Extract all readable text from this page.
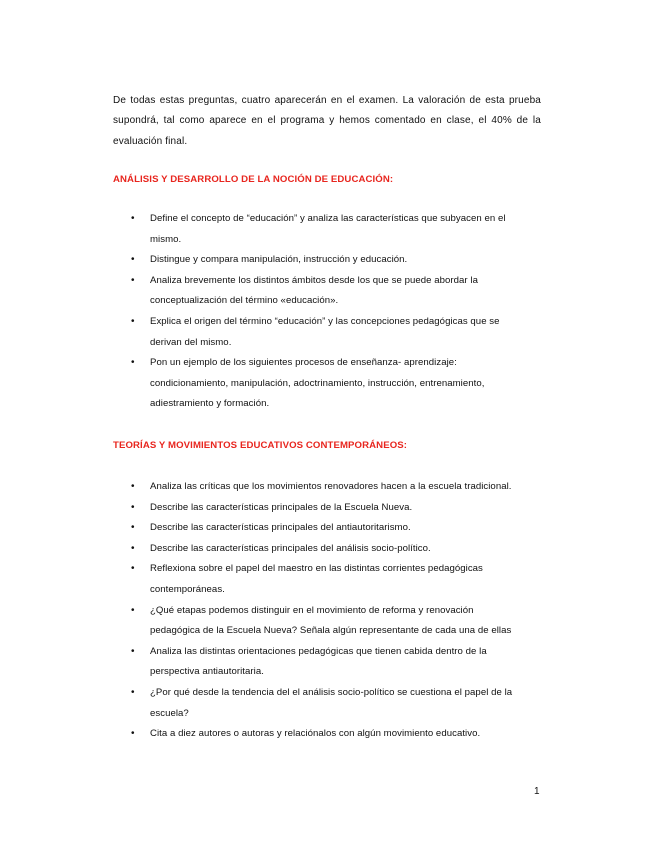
De todas estas preguntas, cuatro aparecerán en el examen. La valoración de esta prueba supondrá, tal como aparece en el programa y hemos comentado en clase, el 40% de la evaluación final.

ANÁLISIS Y DESARROLLO DE LA NOCIÓN DE EDUCACIÓN:
• Define el concepto de “educación” y analiza las características que subyacen en el
mismo.
• Distingue y compara manipulación, instrucción y educación.
• Analiza brevemente los distintos ámbitos desde los que se puede abordar la
conceptualización del término «educación».
• Explica el origen del término “educación” y las concepciones pedagógicas que se
derivan del mismo.
• Pon un ejemplo de los siguientes procesos de enseñanza- aprendizaje:
condicionamiento, manipulación, adoctrinamiento, instrucción, entrenamiento,
adiestramiento y formación.
TEORÍAS Y MOVIMIENTOS EDUCATIVOS CONTEMPORÁNEOS:
• Analiza las críticas que los movimientos renovadores hacen a la escuela tradicional.
• Describe las características principales de la Escuela Nueva.
• Describe las características principales del antiautoritarismo.
• Describe las características principales del análisis socio-político.
• Reflexiona sobre el papel del maestro en las distintas corrientes pedagógicas
contemporáneas.
• ¿Qué etapas podemos distinguir en el movimiento de reforma y renovación
pedagógica de la Escuela Nueva? Señala algún representante de cada una de ellas
• Analiza las distintas orientaciones pedagógicas que tienen cabida dentro de la
perspectiva antiautoritaria.
• ¿Por qué desde la tendencia del el análisis socio-político se cuestiona el papel de la
escuela?
• Cita a diez autores o autoras y relaciónalos con algún movimiento educativo.
1
